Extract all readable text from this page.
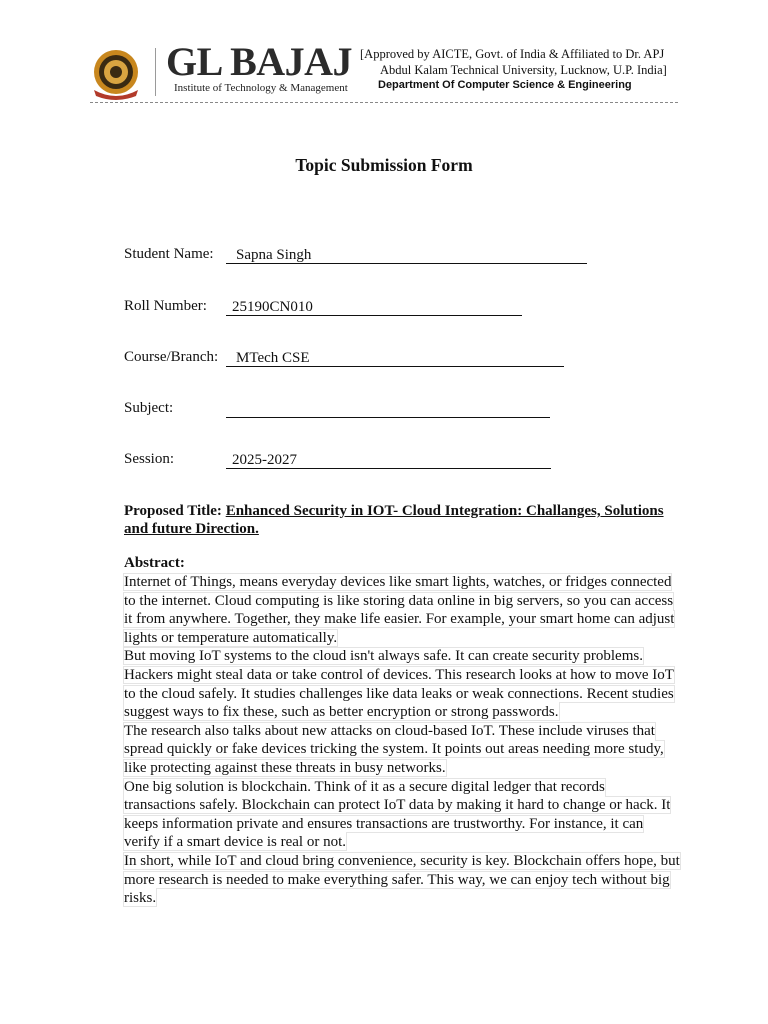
GL BAJAJ
Institute of Technology & Management
[Approved by AICTE, Govt. of India & Affiliated to Dr. APJ
Abdul Kalam Technical University, Lucknow, U.P. India]
Department Of Computer Science & Engineering
Topic Submission Form
Student Name:	Sapna Singh
Roll Number:	25190CN010
Course/Branch:	MTech CSE
Subject:
Session:	2025-2027
Proposed Title: Enhanced Security in IOT- Cloud Integration: Challanges, Solutions and future Direction.
Abstract:

Internet of Things, means everyday devices like smart lights, watches, or fridges connected to the internet. Cloud computing is like storing data online in big servers, so you can access it from anywhere. Together, they make life easier. For example, your smart home can adjust lights or temperature automatically.

But moving IoT systems to the cloud isn't always safe. It can create security problems. Hackers might steal data or take control of devices. This research looks at how to move IoT to the cloud safely. It studies challenges like data leaks or weak connections. Recent studies suggest ways to fix these, such as better encryption or strong passwords.

The research also talks about new attacks on cloud-based IoT. These include viruses that spread quickly or fake devices tricking the system. It points out areas needing more study, like protecting against these threats in busy networks.

One big solution is blockchain. Think of it as a secure digital ledger that records transactions safely. Blockchain can protect IoT data by making it hard to change or hack. It keeps information private and ensures transactions are trustworthy. For instance, it can verify if a smart device is real or not.

In short, while IoT and cloud bring convenience, security is key. Blockchain offers hope, but more research is needed to make everything safer. This way, we can enjoy tech without big risks.
